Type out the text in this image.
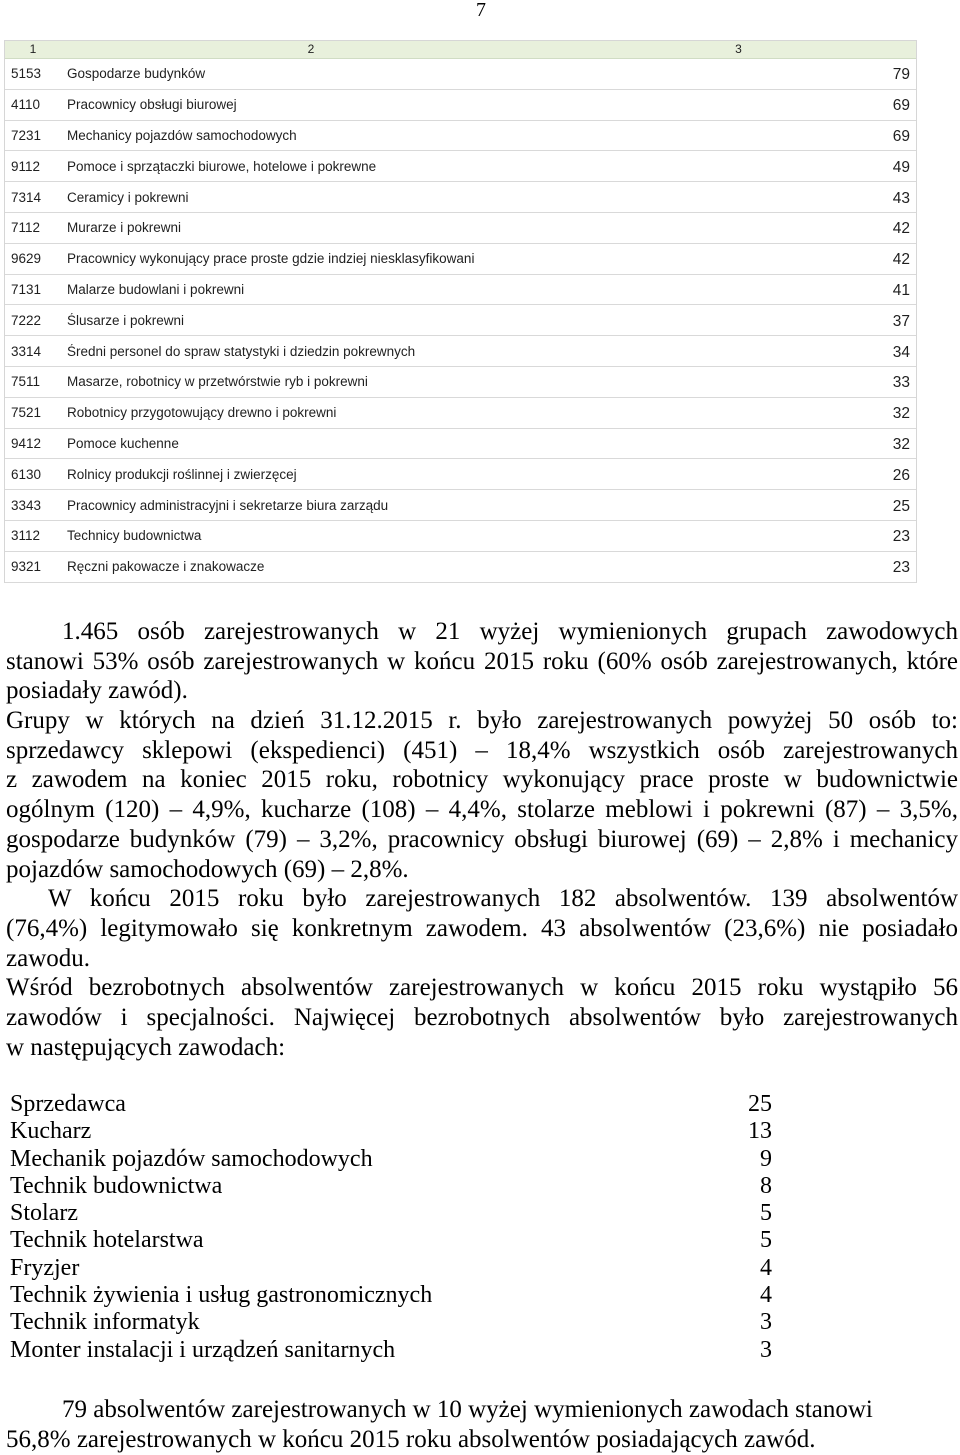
7
1	2	3
5153	Gospodarze budynków	79
4110	Pracownicy obsługi biurowej	69
7231	Mechanicy pojazdów samochodowych	69
9112	Pomoce i sprzątaczki biurowe, hotelowe i pokrewne	49
7314	Ceramicy i pokrewni	43
7112	Murarze i pokrewni	42
9629	Pracownicy wykonujący prace proste gdzie indziej niesklasyfikowani	42
7131	Malarze budowlani i pokrewni	41
7222	Ślusarze i pokrewni	37
3314	Średni personel do spraw statystyki i dziedzin pokrewnych	34
7511	Masarze, robotnicy w przetwórstwie ryb i pokrewni	33
7521	Robotnicy przygotowujący drewno i pokrewni	32
9412	Pomoce kuchenne	32
6130	Rolnicy produkcji roślinnej i zwierzęcej	26
3343	Pracownicy administracyjni i sekretarze biura zarządu	25
3112	Technicy budownictwa	23
9321	Ręczni pakowacze i znakowacze	23
1.465 osób zarejestrowanych w 21 wyżej wymienionych grupach zawodowych
stanowi 53% osób zarejestrowanych w końcu 2015 roku (60% osób zarejestrowanych, które
posiadały zawód).
Grupy w których na dzień 31.12.2015 r. było zarejestrowanych powyżej 50 osób to:
sprzedawcy sklepowi (ekspedienci) (451) – 18,4% wszystkich osób zarejestrowanych
z zawodem na koniec 2015 roku, robotnicy wykonujący prace proste w budownictwie
ogólnym (120) – 4,9%, kucharze (108) – 4,4%, stolarze meblowi i pokrewni (87) – 3,5%,
gospodarze budynków (79) – 3,2%, pracownicy obsługi biurowej (69) – 2,8% i mechanicy
pojazdów samochodowych (69) – 2,8%.
W końcu 2015 roku było zarejestrowanych 182 absolwentów. 139 absolwentów
(76,4%) legitymowało się konkretnym zawodem. 43 absolwentów (23,6%) nie posiadało
zawodu.
Wśród bezrobotnych absolwentów zarejestrowanych w końcu 2015 roku wystąpiło 56
zawodów i specjalności. Najwięcej bezrobotnych absolwentów było zarejestrowanych
w następujących zawodach:
Sprzedawca	25
Kucharz	13
Mechanik pojazdów samochodowych	9
Technik budownictwa	8
Stolarz	5
Technik hotelarstwa	5
Fryzjer	4
Technik żywienia i usług gastronomicznych	4
Technik informatyk	3
Monter instalacji i urządzeń sanitarnych	3
79 absolwentów zarejestrowanych w 10 wyżej wymienionych zawodach stanowi
56,8% zarejestrowanych w końcu 2015 roku absolwentów posiadających zawód.
